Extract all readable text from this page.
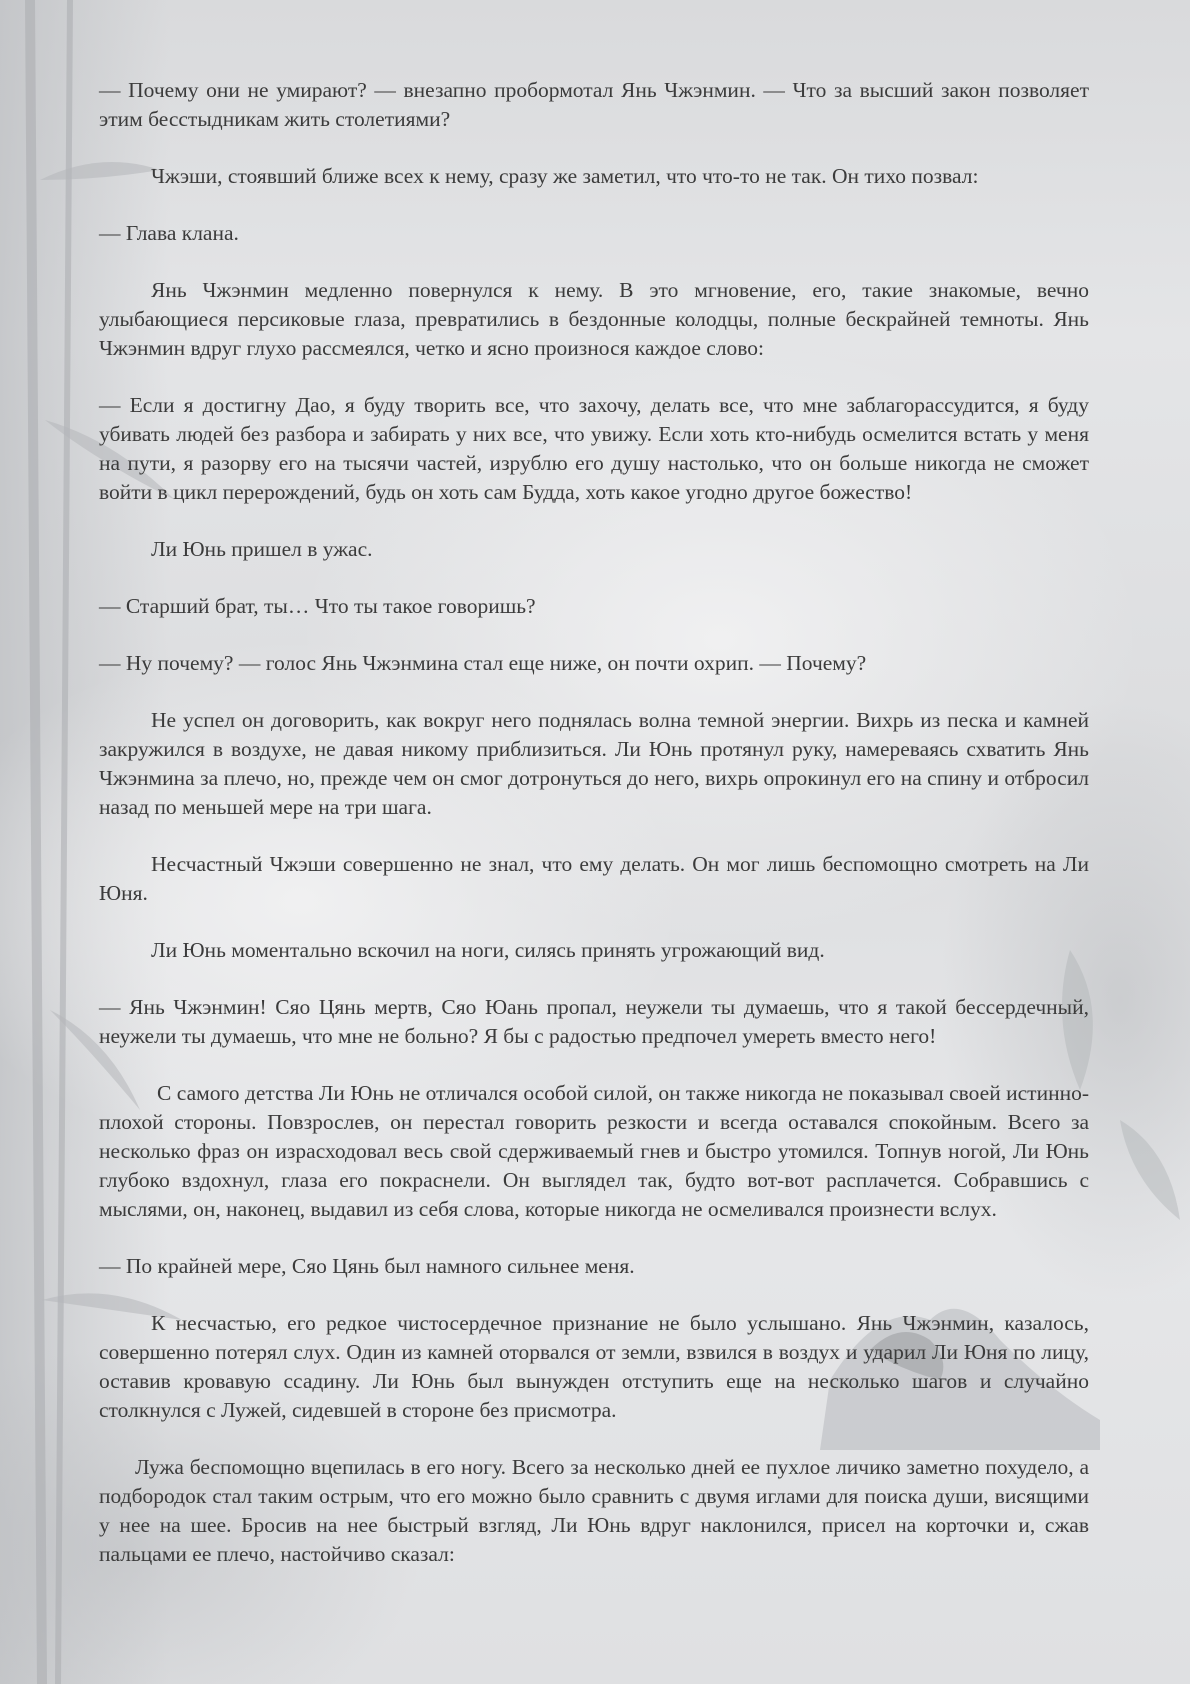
— Почему они не умирают? — внезапно пробормотал Янь Чжэнмин. — Что за высший закон позволяет этим бесстыдникам жить столетиями?

Чжэши, стоявший ближе всех к нему, сразу же заметил, что что-то не так. Он тихо позвал:

— Глава клана.

Янь Чжэнмин медленно повернулся к нему. В это мгновение, его, такие знакомые, вечно улыбающиеся персиковые глаза, превратились в бездонные колодцы, полные бескрайней темноты. Янь Чжэнмин вдруг глухо рассмеялся, четко и ясно произнося каждое слово:

— Если я достигну Дао, я буду творить все, что захочу, делать все, что мне заблагорассудится, я буду убивать людей без разбора и забирать у них все, что увижу. Если хоть кто-нибудь осмелится встать у меня на пути, я разорву его на тысячи частей, изрублю его душу настолько, что он больше никогда не сможет войти в цикл перерождений, будь он хоть сам Будда, хоть какое угодно другое божество!

Ли Юнь пришел в ужас.

— Старший брат, ты… Что ты такое говоришь?

— Ну почему? — голос Янь Чжэнмина стал еще ниже, он почти охрип. — Почему?

Не успел он договорить, как вокруг него поднялась волна темной энергии. Вихрь из песка и камней закружился в воздухе, не давая никому приблизиться. Ли Юнь протянул руку, намереваясь схватить Янь Чжэнмина за плечо, но, прежде чем он смог дотронуться до него, вихрь опрокинул его на спину и отбросил назад по меньшей мере на три шага.

Несчастный Чжэши совершенно не знал, что ему делать. Он мог лишь беспомощно смотреть на Ли Юня.

Ли Юнь моментально вскочил на ноги, силясь принять угрожающий вид.

— Янь Чжэнмин! Сяо Цянь мертв, Сяо Юань пропал, неужели ты думаешь, что я такой бессердечный, неужели ты думаешь, что мне не больно? Я бы с радостью предпочел умереть вместо него!

С самого детства Ли Юнь не отличался особой силой, он также никогда не показывал своей истинно-плохой стороны. Повзрослев, он перестал говорить резкости и всегда оставался спокойным. Всего за несколько фраз он израсходовал весь свой сдерживаемый гнев и быстро утомился. Топнув ногой, Ли Юнь глубоко вздохнул, глаза его покраснели. Он выглядел так, будто вот-вот расплачется. Собравшись с мыслями, он, наконец, выдавил из себя слова, которые никогда не осмеливался произнести вслух.

— По крайней мере, Сяо Цянь был намного сильнее меня.

К несчастью, его редкое чистосердечное признание не было услышано. Янь Чжэнмин, казалось, совершенно потерял слух. Один из камней оторвался от земли, взвился в воздух и ударил Ли Юня по лицу, оставив кровавую ссадину. Ли Юнь был вынужден отступить еще на несколько шагов и случайно столкнулся с Лужей, сидевшей в стороне без присмотра.

Лужа беспомощно вцепилась в его ногу. Всего за несколько дней ее пухлое личико заметно похудело, а подбородок стал таким острым, что его можно было сравнить с двумя иглами для поиска души, висящими у нее на шее. Бросив на нее быстрый взгляд, Ли Юнь вдруг наклонился, присел на корточки и, сжав пальцами ее плечо, настойчиво сказал:
